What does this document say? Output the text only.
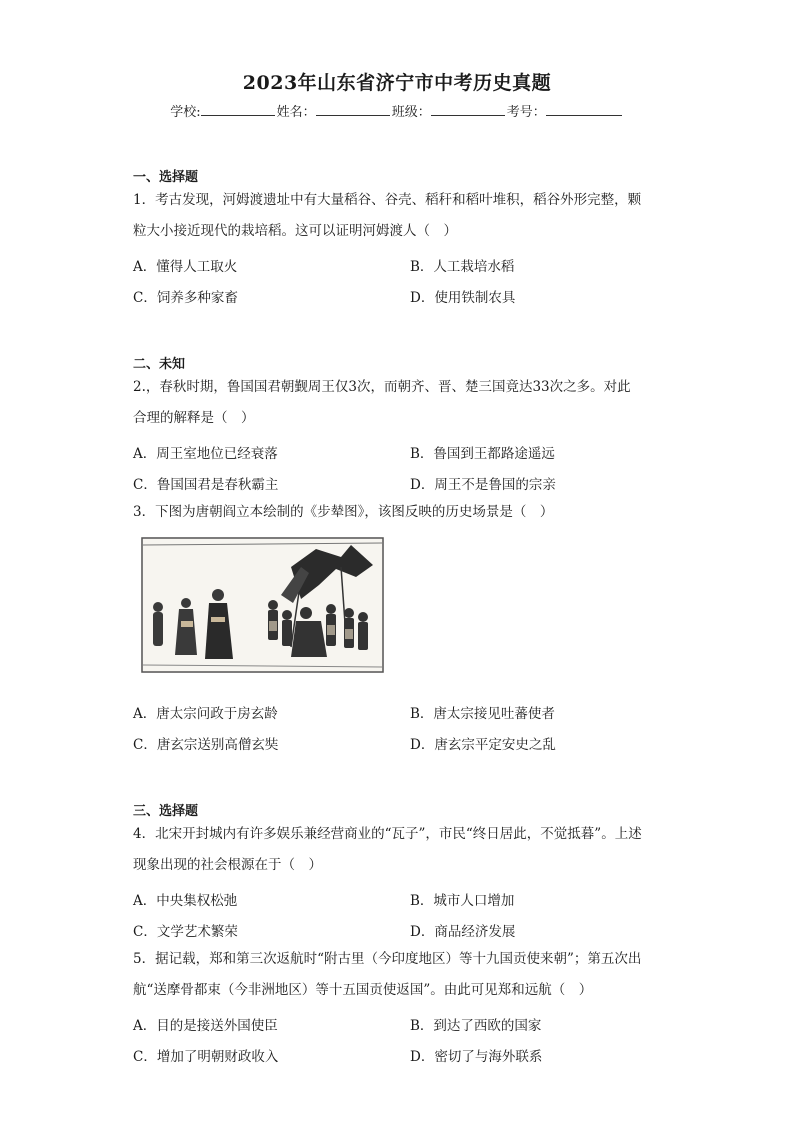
2023年山东省济宁市中考历史真题
学校:	姓名：	班级：	考号：
一、选择题
1．考古发现，河姆渡遗址中有大量稻谷、谷壳、稻秆和稻叶堆积，稻谷外形完整，颗
粒大小接近现代的栽培稻。这可以证明河姆渡人（　）
A．懂得人工取火	B．人工栽培水稻
C．饲养多种家畜	D．使用铁制农具
二、未知
2.，春秋时期，鲁国国君朝觐周王仅3次，而朝齐、晋、楚三国竟达33次之多。对此
合理的解释是（　）
A．周王室地位已经衰落	B．鲁国到王都路途遥远
C．鲁国国君是春秋霸主	D．周王不是鲁国的宗亲
3．下图为唐朝阎立本绘制的《步辇图》，该图反映的历史场景是（　）
A．唐太宗问政于房玄龄	B．唐太宗接见吐蕃使者
C．唐玄宗送别高僧玄奘	D．唐玄宗平定安史之乱
三、选择题
4．北宋开封城内有许多娱乐兼经营商业的“瓦子”，市民“终日居此，不觉抵暮”。上述
现象出现的社会根源在于（　）
A．中央集权松弛	B．城市人口增加
C．文学艺术繁荣	D．商品经济发展
5．据记载，郑和第三次返航时“附古里（今印度地区）等十九国贡使来朝”；第五次出
航“送摩骨都束（今非洲地区）等十五国贡使返国”。由此可见郑和远航（　）
A．目的是接送外国使臣	B．到达了西欧的国家
C．增加了明朝财政收入	D．密切了与海外联系
